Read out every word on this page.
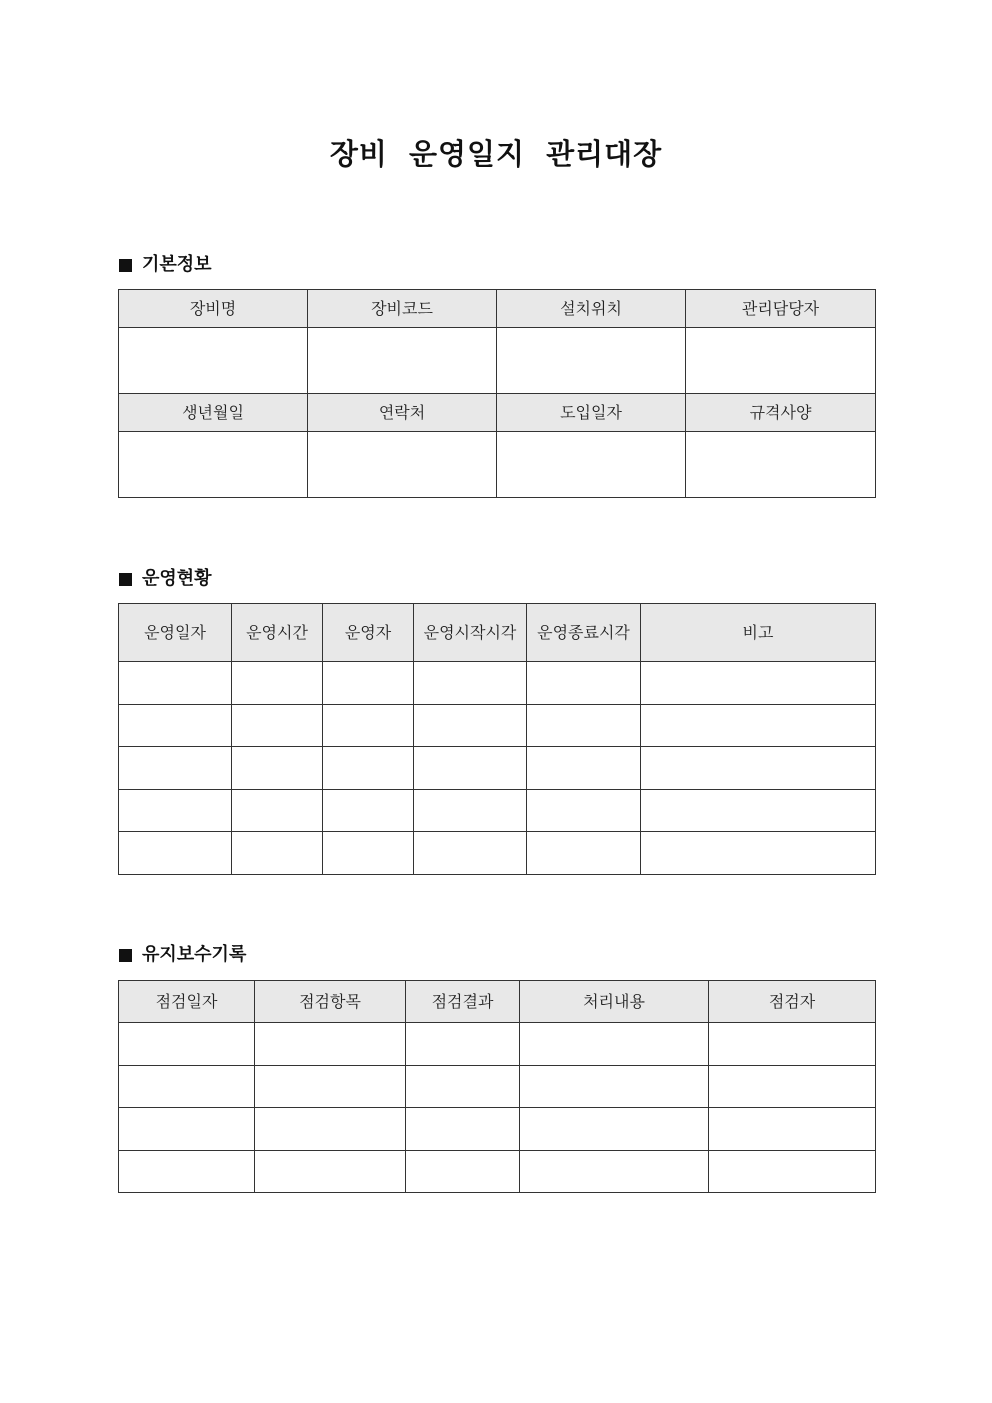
장비 운영일지 관리대장
기본정보
장비명	장비코드	설치위치	관리담당자

생년월일	연락처	도입일자	규격사양

운영현황
운영일자	운영시간	운영자	운영시작시각	운영종료시각	비고

유지보수기록
점검일자	점검항목	점검결과	처리내용	점검자
